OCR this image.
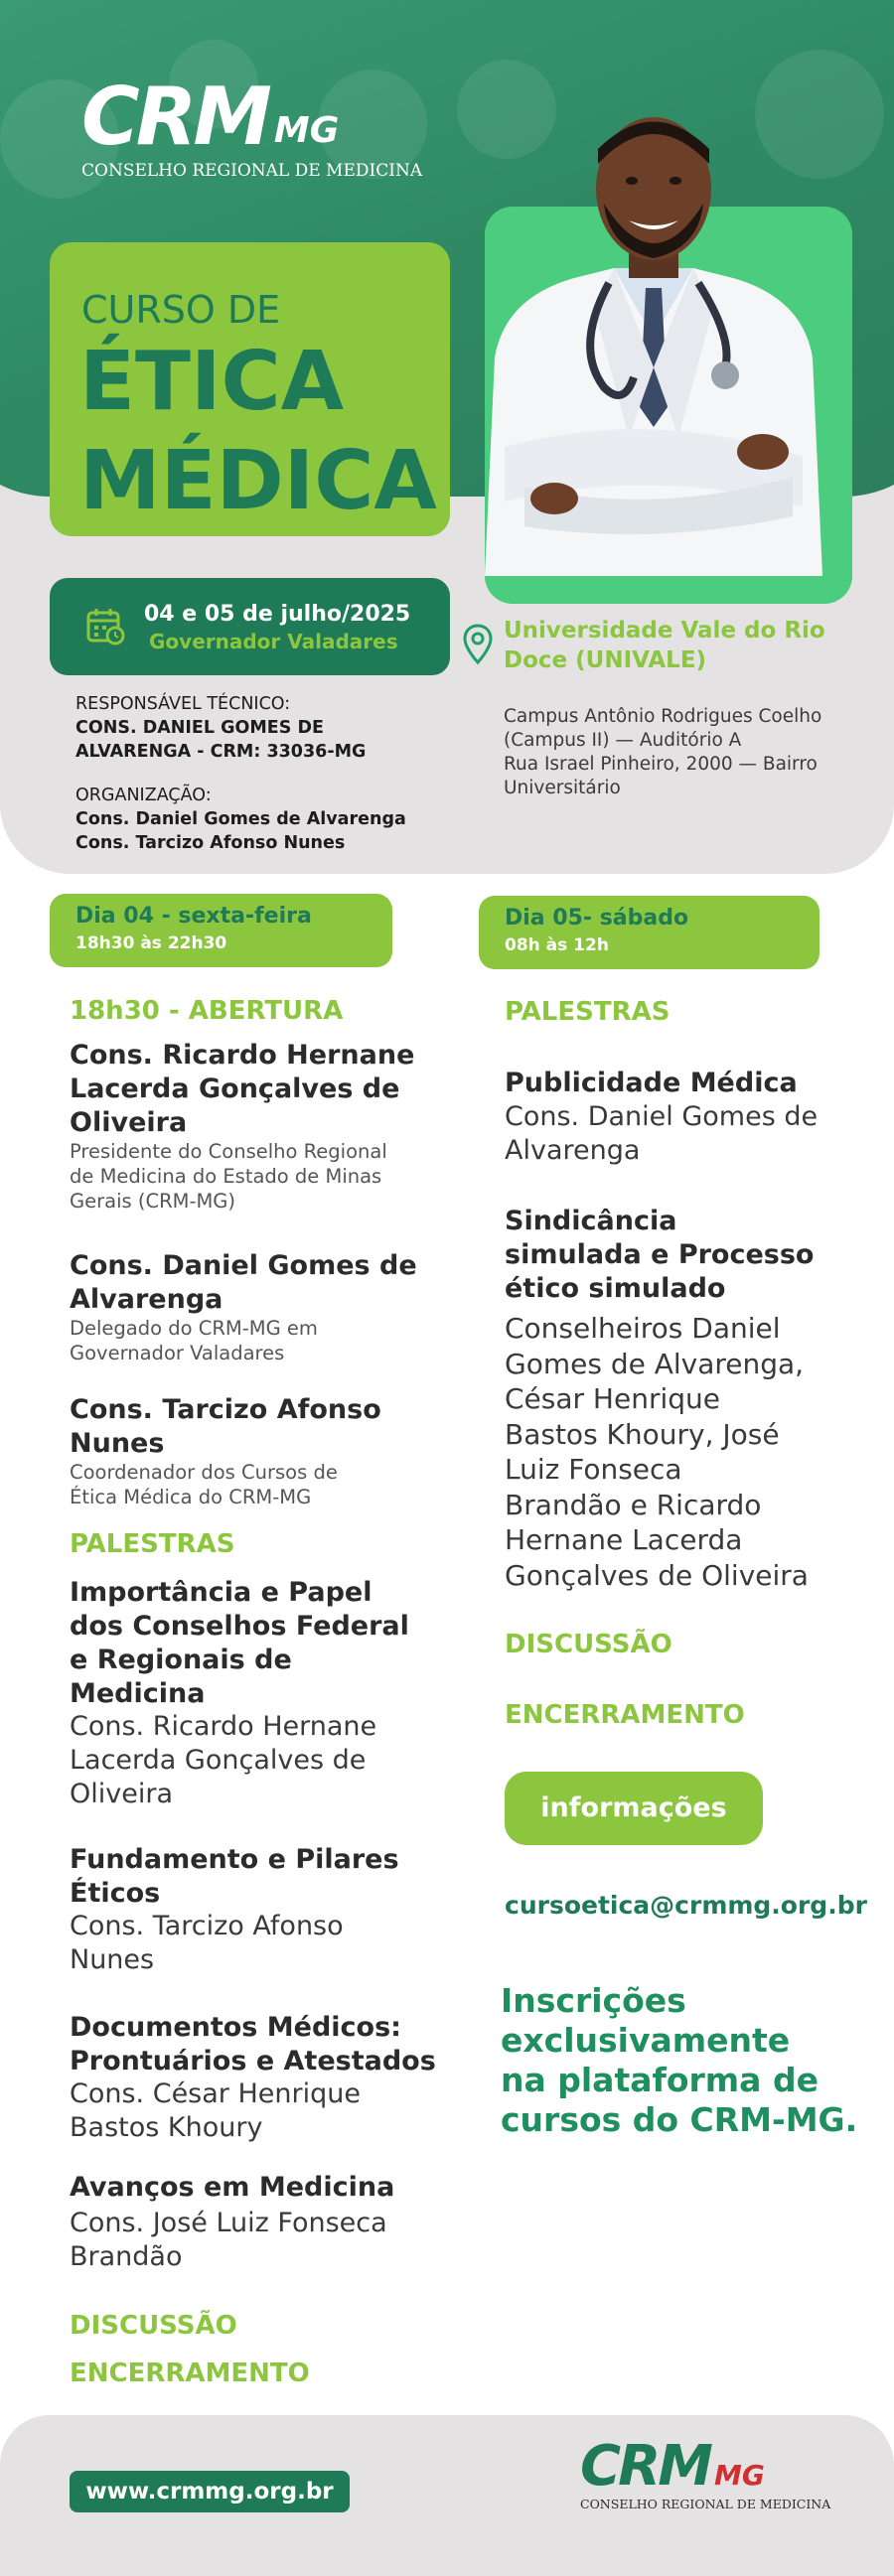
CRM MG
CONSELHO REGIONAL DE MEDICINA
CURSO DE
ÉTICA
MÉDICA
04 e 05 de julho/2025
Governador Valadares
RESPONSÁVEL TÉCNICO:
CONS. DANIEL GOMES DE
ALVARENGA - CRM: 33036-MG
ORGANIZAÇÃO:
Cons. Daniel Gomes de Alvarenga
Cons. Tarcizo Afonso Nunes
Universidade Vale do Rio
Doce (UNIVALE)
Campus Antônio Rodrigues Coelho
(Campus II) — Auditório A
Rua Israel Pinheiro, 2000 — Bairro
Universitário
Dia 04 - sexta-feira
18h30 às 22h30
18h30 - ABERTURA
Cons. Ricardo Hernane
Lacerda Gonçalves de
Oliveira
Presidente do Conselho Regional
de Medicina do Estado de Minas
Gerais (CRM-MG)
Cons. Daniel Gomes de
Alvarenga
Delegado do CRM-MG em
Governador Valadares
Cons. Tarcizo Afonso
Nunes
Coordenador dos Cursos de
Ética Médica do CRM-MG
PALESTRAS
Importância e Papel
dos Conselhos Federal
e Regionais de
Medicina
Cons. Ricardo Hernane
Lacerda Gonçalves de
Oliveira
Fundamento e Pilares
Éticos
Cons. Tarcizo Afonso
Nunes
Documentos Médicos:
Prontuários e Atestados
Cons. César Henrique
Bastos Khoury
Avanços em Medicina
Cons. José Luiz Fonseca
Brandão
DISCUSSÃO
ENCERRAMENTO
Dia 05- sábado
08h às 12h
PALESTRAS
Publicidade Médica
Cons. Daniel Gomes de
Alvarenga
Sindicância
simulada e Processo
ético simulado
Conselheiros Daniel
Gomes de Alvarenga,
César Henrique
Bastos Khoury, José
Luiz Fonseca
Brandão e Ricardo
Hernane Lacerda
Gonçalves de Oliveira
DISCUSSÃO
ENCERRAMENTO
informações
cursoetica@crmmg.org.br
Inscrições
exclusivamente
na plataforma de
cursos do CRM-MG.
www.crmmg.org.br	CRM MG
CONSELHO REGIONAL DE MEDICINA
